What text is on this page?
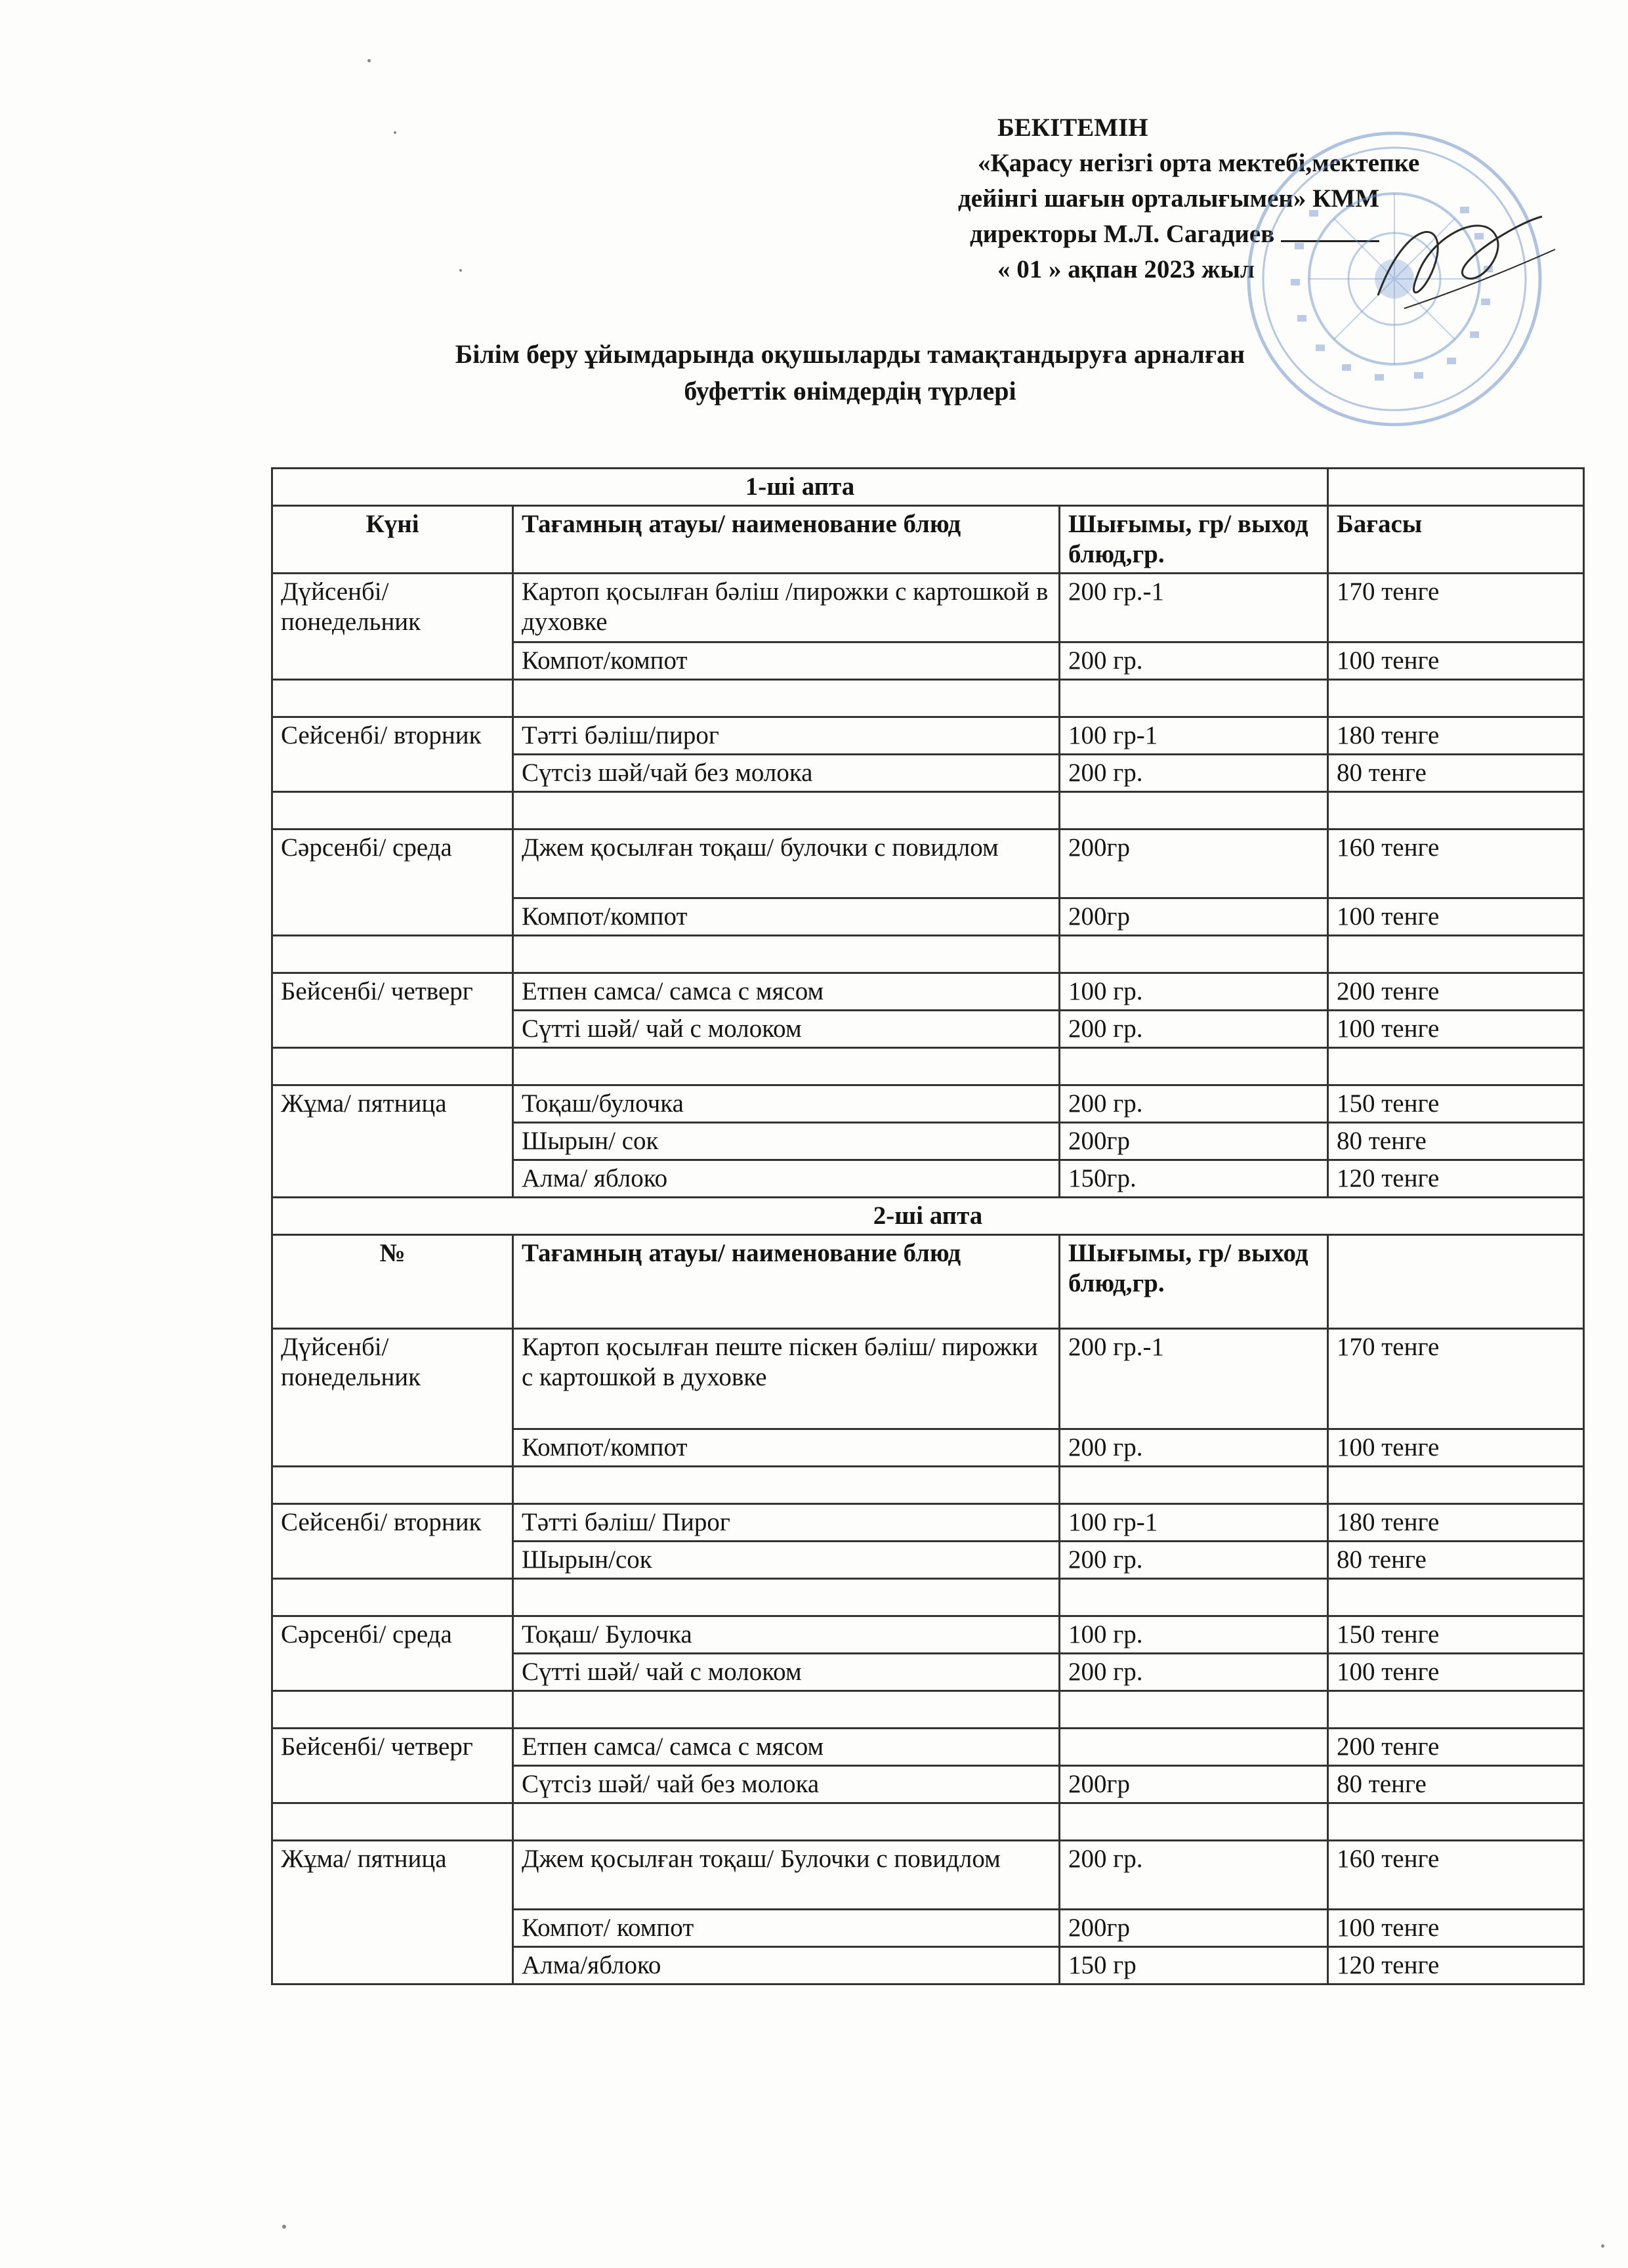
БЕКІТЕМІН
«Қарасу негізгі орта мектебі,мектепке
дейінгі шағын орталығымен» КММ
директоры М.Л. Сагадиев
« 01 » ақпан 2023 жыл
Білім беру ұйымдарында оқушыларды тамақтандыруға арналған
буфеттік өнімдердің түрлері
1-ші апта			
Күні	Тағамның атауы/ наименование блюд	Шығымы, гр/ выход блюд,гр.	Бағасы
Дүйсенбі/ понедельник	Картоп қосылған бәліш /пирожки с картошкой в духовке	200 гр.-1	170 тенге
	Компот/компот	200 гр.	100 тенге

Сейсенбі/ вторник	Тәтті бәліш/пирог	100 гр-1	180 тенге
	Сүтсіз шәй/чай без молока	200 гр.	80 тенге

Сәрсенбі/ среда	Джем қосылған тоқаш/ булочки с повидлом	200гр	160 тенге
	Компот/компот	200гр	100 тенге

Бейсенбі/ четверг	Етпен самса/ самса с мясом	100 гр.	200 тенге
	Сүтті шәй/ чай с молоком	200 гр.	100 тенге

Жұма/ пятница	Тоқаш/булочка	200 гр.	150 тенге
	Шырын/ сок	200гр	80 тенге
	Алма/ яблоко	150гр.	120 тенге
2-ші апта			
№	Тағамның атауы/ наименование блюд	Шығымы, гр/ выход блюд,гр.	
Дүйсенбі/ понедельник	Картоп қосылған пеште піскен бәліш/ пирожки с картошкой в духовке	200 гр.-1	170 тенге
	Компот/компот	200 гр.	100 тенге

Сейсенбі/ вторник	Тәтті бәліш/ Пирог	100 гр-1	180 тенге
	Шырын/сок	200 гр.	80 тенге

Сәрсенбі/ среда	Тоқаш/ Булочка	100 гр.	150 тенге
	Сүтті шәй/ чай с молоком	200 гр.	100 тенге

Бейсенбі/ четверг	Етпен самса/ самса с мясом		200 тенге
	Сүтсіз шәй/ чай без молока	200гр	80 тенге

Жұма/ пятница	Джем қосылған тоқаш/ Булочки с повидлом	200 гр.	160 тенге
	Компот/ компот	200гр	100 тенге
	Алма/яблоко	150 гр	120 тенге
